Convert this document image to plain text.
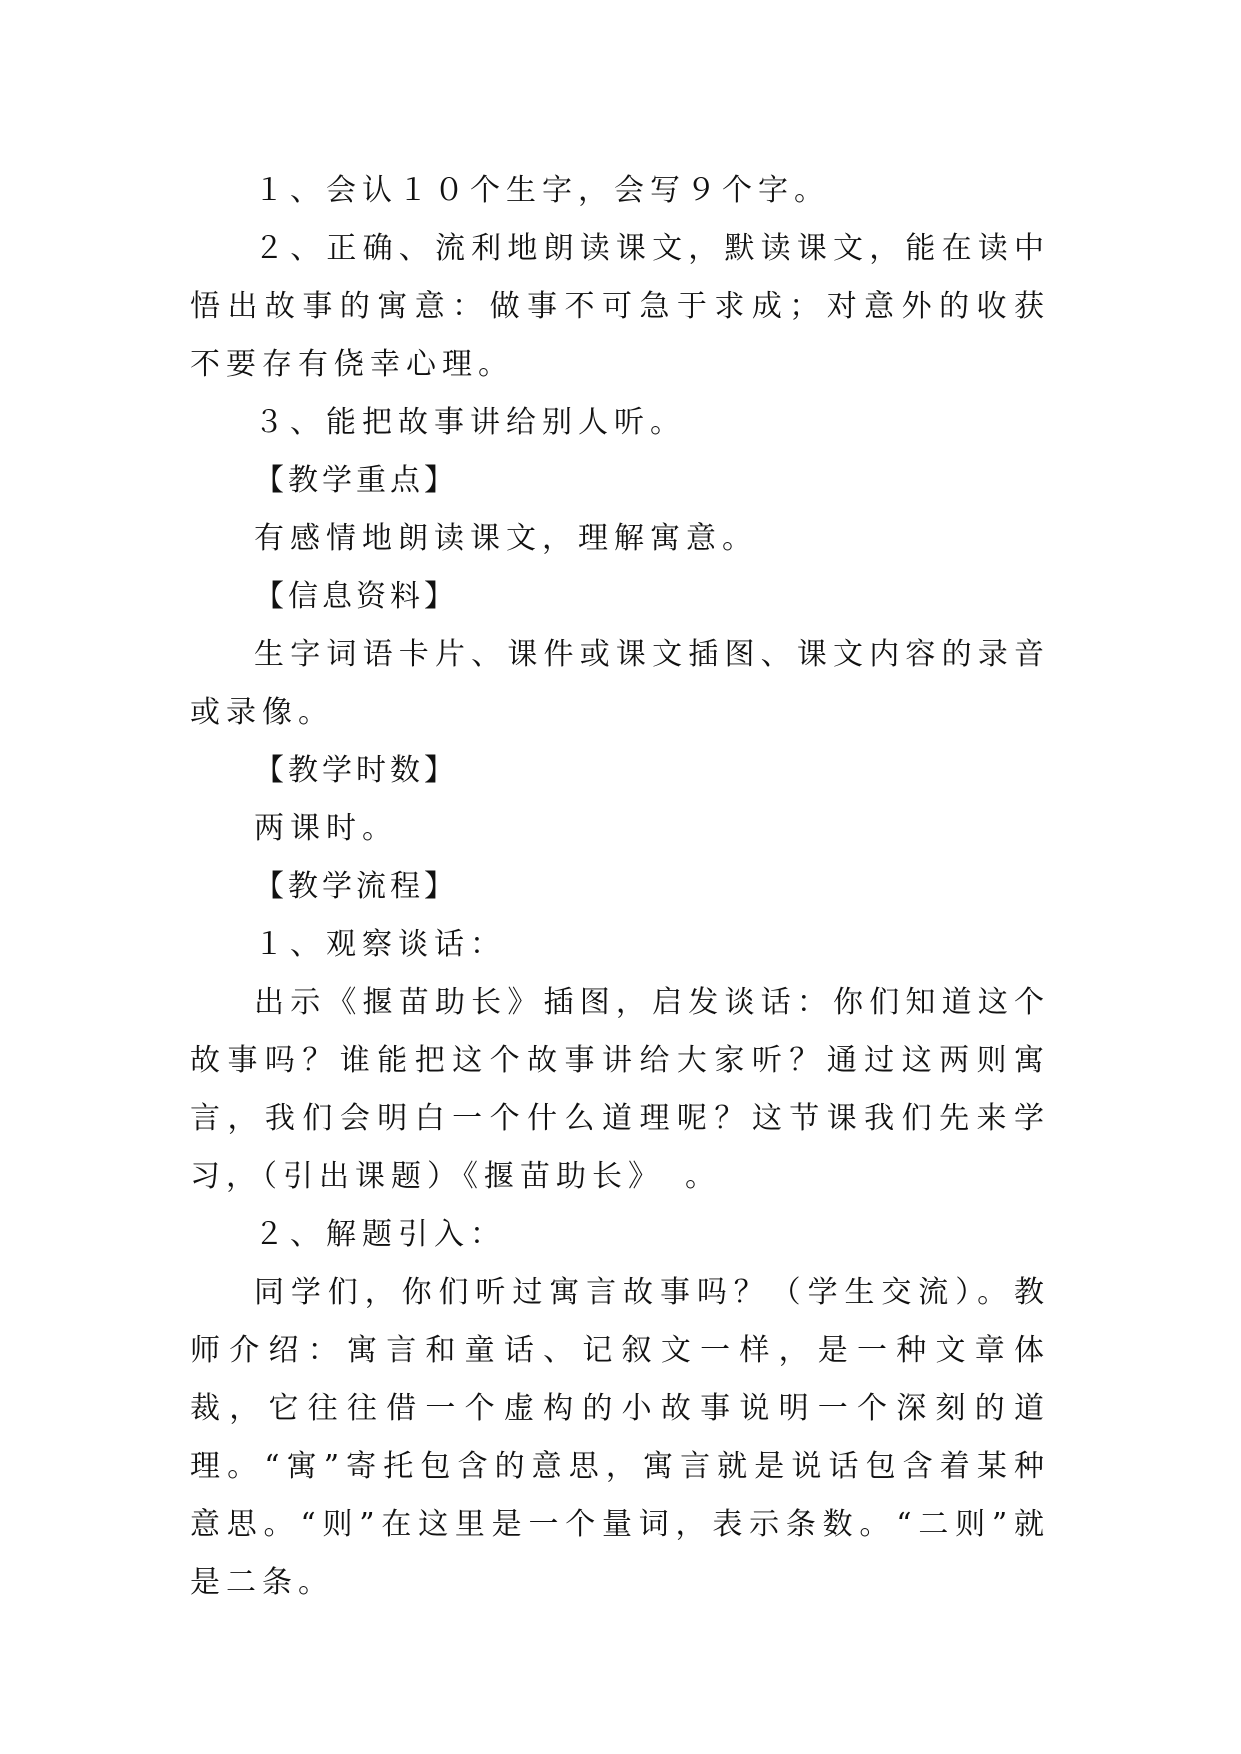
１、会认１０个生字，会写９个字。

２、正确、流利地朗读课文，默读课文，能在读中悟出故事的寓意：做事不可急于求成；对意外的收获不要存有侥幸心理。

３、能把故事讲给别人听。

【教学重点】

有感情地朗读课文，理解寓意。

【信息资料】

生字词语卡片、课件或课文插图、课文内容的录音或录像。

【教学时数】

两课时。

【教学流程】

１、观察谈话：

出示《揠苗助长》插图，启发谈话：你们知道这个故事吗？谁能把这个故事讲给大家听？通过这两则寓言，我们会明白一个什么道理呢？这节课我们先来学习，（引出课题）《揠苗助长》　。

２、解题引入：

同学们，你们听过寓言故事吗？（学生交流）。教师介绍：寓言和童话、记叙文一样，是一种文章体裁，它往往借一个虚构的小故事说明一个深刻的道理。“寓”寄托包含的意思，寓言就是说话包含着某种意思。“则”在这里是一个量词，表示条数。“二则”就是二条。
